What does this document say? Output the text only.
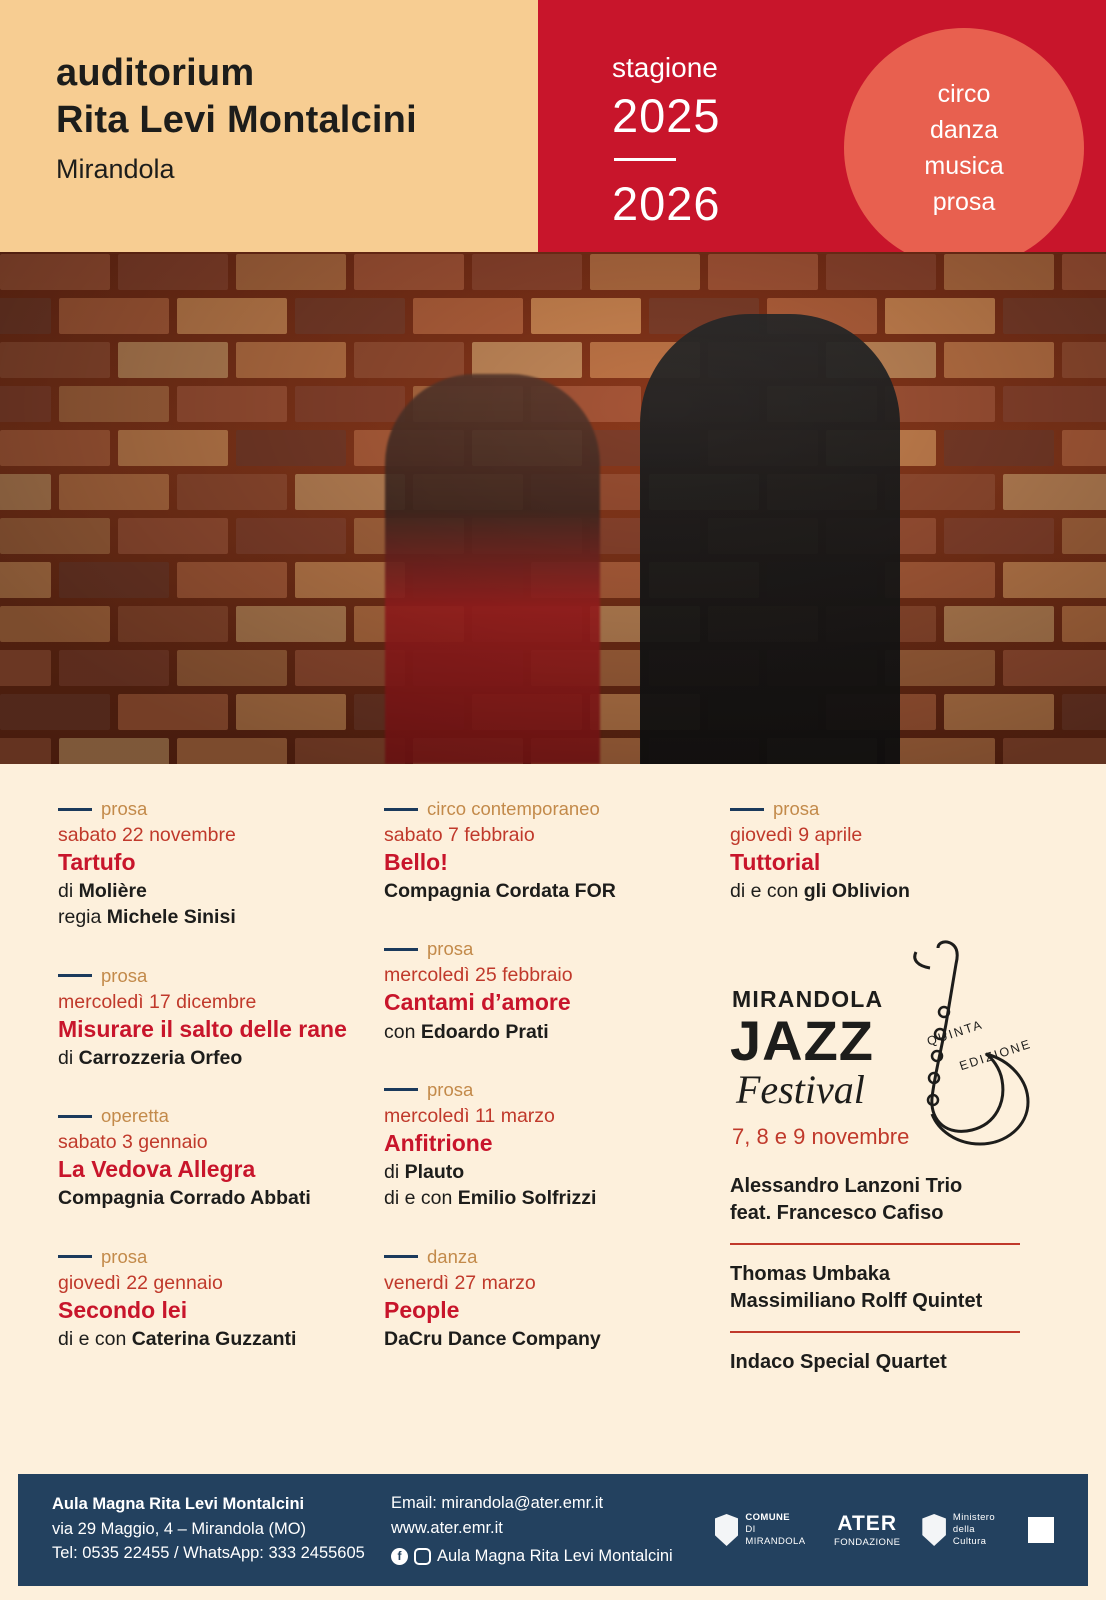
auditorium
Rita Levi Montalcini
Mirandola
stagione
2025
2026
circo
danza
musica
prosa
prosa
sabato 22 novembre
Tartufo
di Molière
regia Michele Sinisi
prosa
mercoledì 17 dicembre
Misurare il salto delle rane
di Carrozzeria Orfeo
operetta
sabato 3 gennaio
La Vedova Allegra
Compagnia Corrado Abbati
prosa
giovedì 22 gennaio
Secondo lei
di e con Caterina Guzzanti
circo contemporaneo
sabato 7 febbraio
Bello!
Compagnia Cordata FOR
prosa
mercoledì 25 febbraio
Cantami d’amore
con Edoardo Prati
prosa
mercoledì 11 marzo
Anfitrione
di Plauto
di e con Emilio Solfrizzi
danza
venerdì 27 marzo
People
DaCru Dance Company
prosa
giovedì 9 aprile
Tuttorial
di e con gli Oblivion
MIRANDOLA
JAZZ
Festival
QUINTA
EDIZIONE
7, 8 e 9 novembre
Alessandro Lanzoni Trio
feat. Francesco Cafiso
Thomas Umbaka
Massimiliano Rolff Quintet
Indaco Special Quartet
Aula Magna Rita Levi Montalcini
via 29 Maggio, 4 – Mirandola (MO)
Tel: 0535 22455 / WhatsApp: 333 2455605
Email: mirandola@ater.emr.it
www.ater.emr.it
f	Aula Magna Rita Levi Montalcini
COMUNE
DI MIRANDOLA
ATER
FONDAZIONE
Ministero
della Cultura
